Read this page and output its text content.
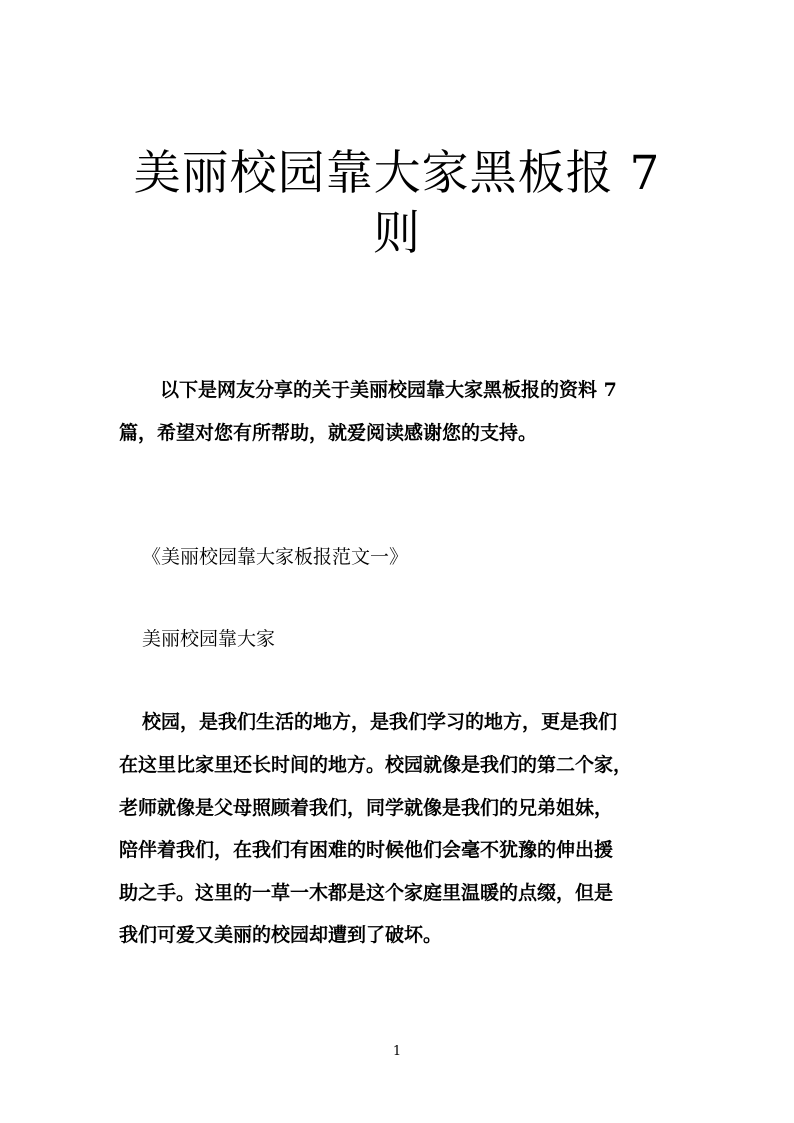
美丽校园靠大家黑板报 7
则
以下是网友分享的关于美丽校园靠大家黑板报的资料 7
篇，希望对您有所帮助，就爱阅读感谢您的支持。
《美丽校园靠大家板报范文一》
美丽校园靠大家
校园，是我们生活的地方，是我们学习的地方，更是我们
在这里比家里还长时间的地方。校园就像是我们的第二个家，
老师就像是父母照顾着我们，同学就像是我们的兄弟姐妹，
陪伴着我们，在我们有困难的时候他们会毫不犹豫的伸出援
助之手。这里的一草一木都是这个家庭里温暖的点缀，但是
我们可爱又美丽的校园却遭到了破坏。
1
